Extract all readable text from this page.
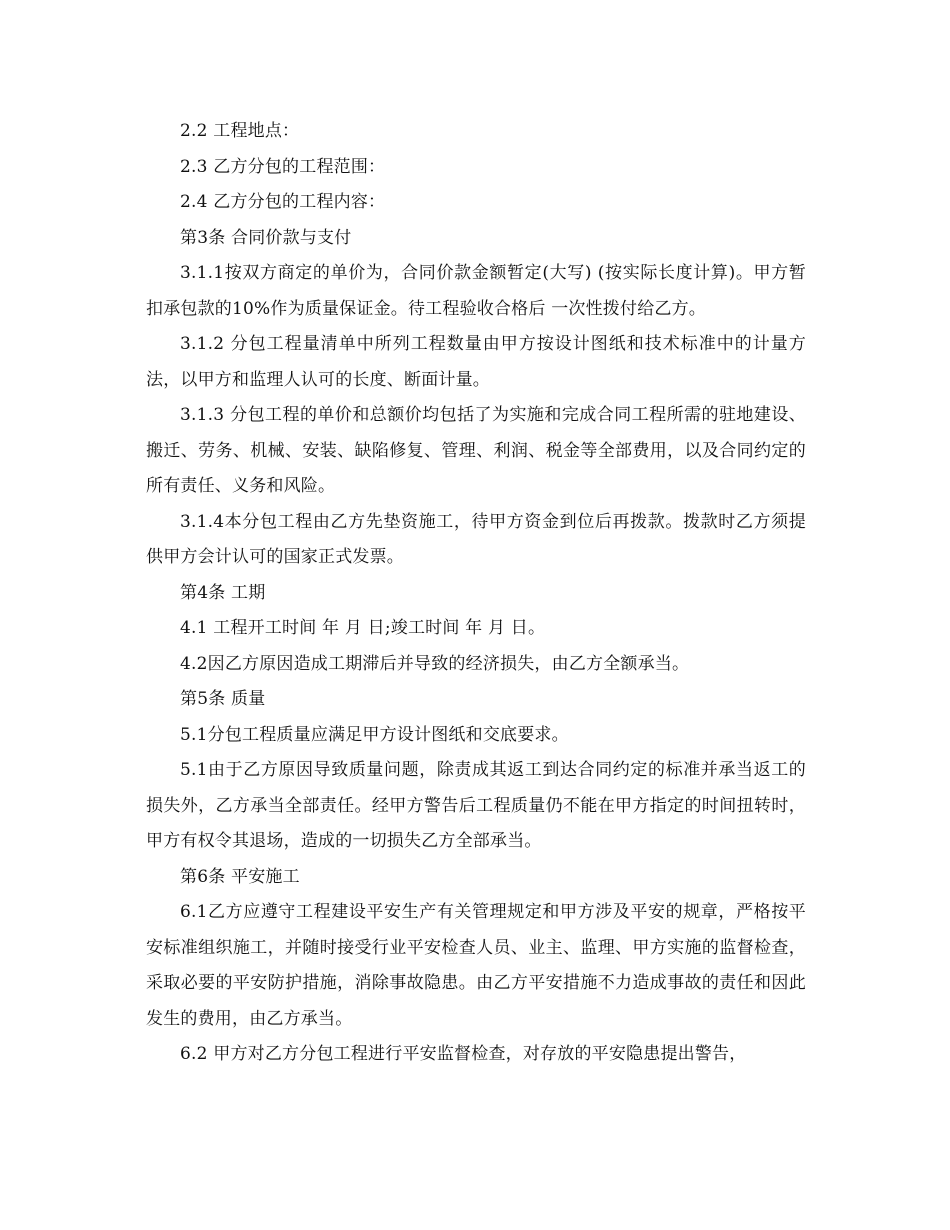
2.2 工程地点：

2.3 乙方分包的工程范围：

2.4 乙方分包的工程内容：

第3条 合同价款与支付

3.1.1按双方商定的单价为，合同价款金额暂定(大写) (按实际长度计算)。甲方暂扣承包款的10%作为质量保证金。待工程验收合格后 一次性拨付给乙方。

3.1.2 分包工程量清单中所列工程数量由甲方按设计图纸和技术标准中的计量方法，以甲方和监理人认可的长度、断面计量。

3.1.3 分包工程的单价和总额价均包括了为实施和完成合同工程所需的驻地建设、搬迁、劳务、机械、安装、缺陷修复、管理、利润、税金等全部费用，以及合同约定的所有责任、义务和风险。

3.1.4本分包工程由乙方先垫资施工，待甲方资金到位后再拨款。拨款时乙方须提供甲方会计认可的国家正式发票。

第4条 工期

4.1 工程开工时间 年 月 日;竣工时间 年 月 日。

4.2因乙方原因造成工期滞后并导致的经济损失，由乙方全额承当。

第5条 质量

5.1分包工程质量应满足甲方设计图纸和交底要求。

5.1由于乙方原因导致质量问题，除责成其返工到达合同约定的标准并承当返工的损失外，乙方承当全部责任。经甲方警告后工程质量仍不能在甲方指定的时间扭转时，甲方有权令其退场，造成的一切损失乙方全部承当。

第6条 平安施工

6.1乙方应遵守工程建设平安生产有关管理规定和甲方涉及平安的规章，严格按平安标准组织施工，并随时接受行业平安检查人员、业主、监理、甲方实施的监督检查，采取必要的平安防护措施，消除事故隐患。由乙方平安措施不力造成事故的责任和因此发生的费用，由乙方承当。

6.2 甲方对乙方分包工程进行平安监督检查，对存放的平安隐患提出警告，
